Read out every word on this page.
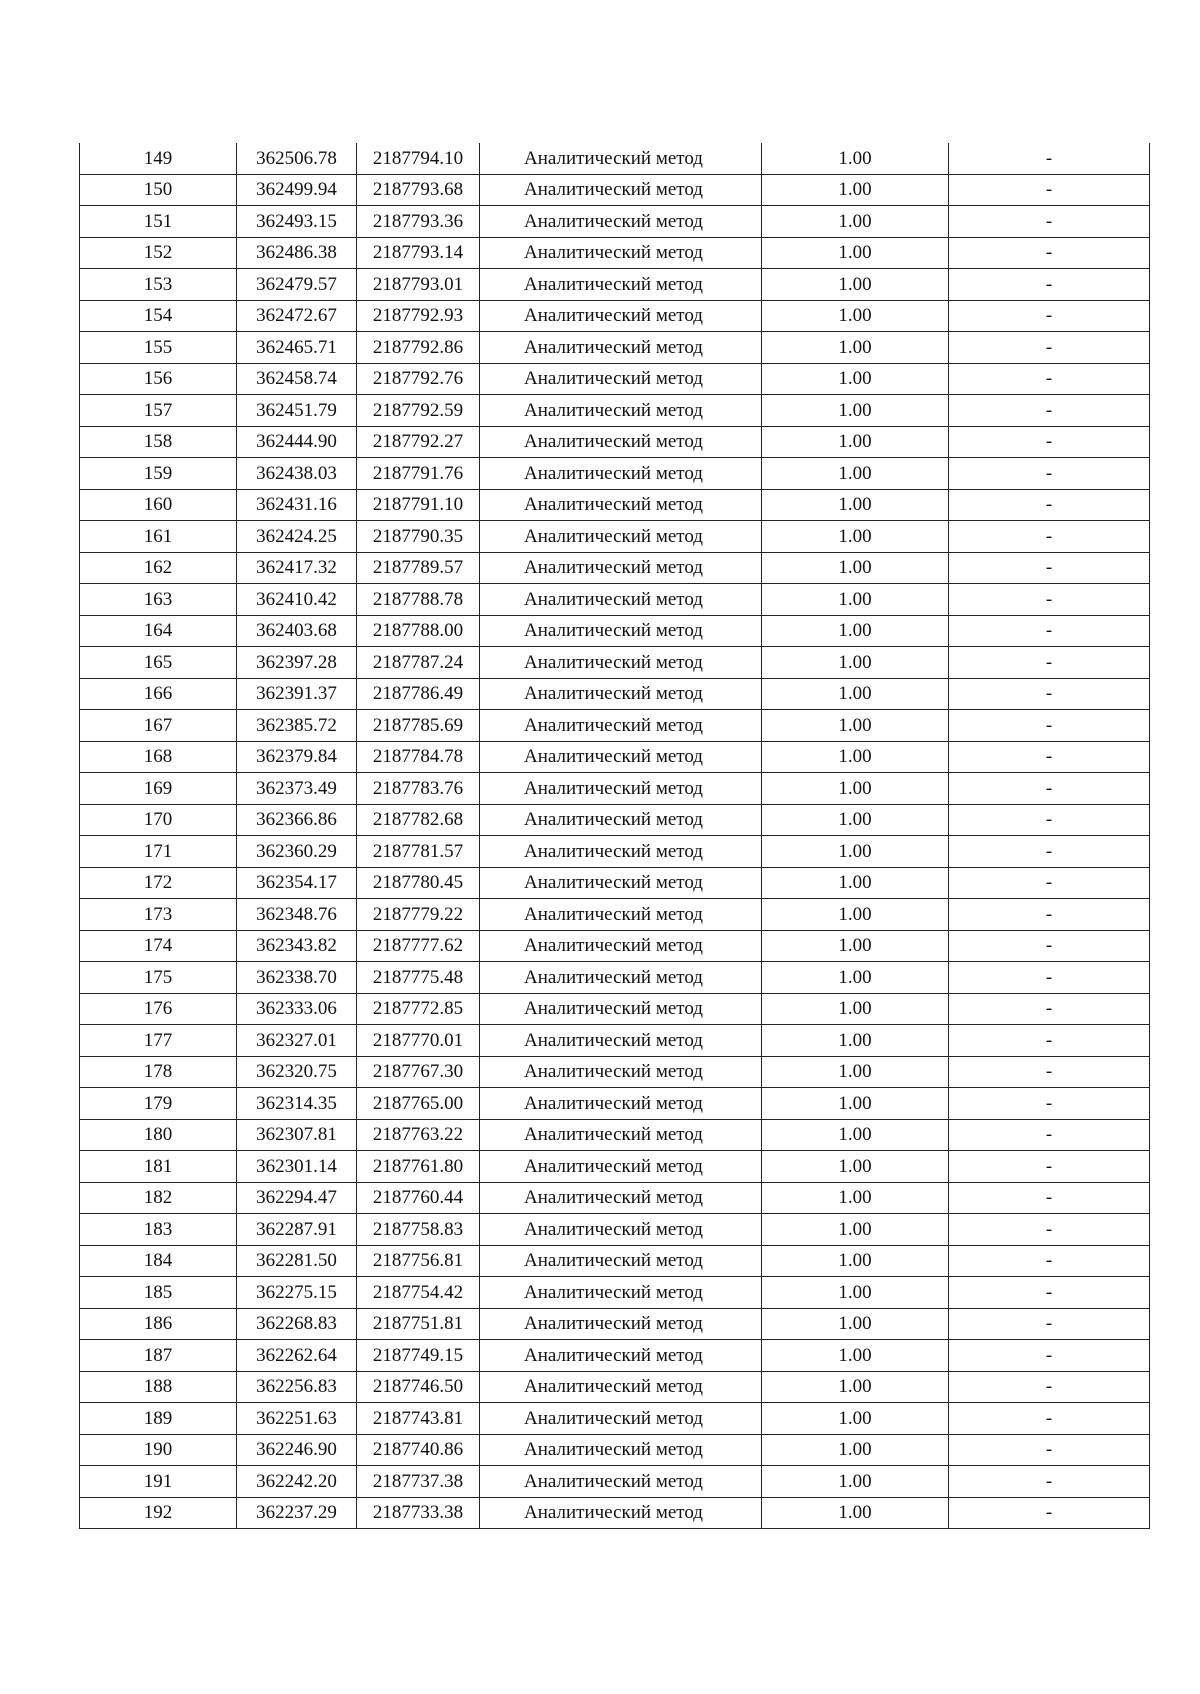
149	362506.78	2187794.10	Аналитический метод	1.00	-
150	362499.94	2187793.68	Аналитический метод	1.00	-
151	362493.15	2187793.36	Аналитический метод	1.00	-
152	362486.38	2187793.14	Аналитический метод	1.00	-
153	362479.57	2187793.01	Аналитический метод	1.00	-
154	362472.67	2187792.93	Аналитический метод	1.00	-
155	362465.71	2187792.86	Аналитический метод	1.00	-
156	362458.74	2187792.76	Аналитический метод	1.00	-
157	362451.79	2187792.59	Аналитический метод	1.00	-
158	362444.90	2187792.27	Аналитический метод	1.00	-
159	362438.03	2187791.76	Аналитический метод	1.00	-
160	362431.16	2187791.10	Аналитический метод	1.00	-
161	362424.25	2187790.35	Аналитический метод	1.00	-
162	362417.32	2187789.57	Аналитический метод	1.00	-
163	362410.42	2187788.78	Аналитический метод	1.00	-
164	362403.68	2187788.00	Аналитический метод	1.00	-
165	362397.28	2187787.24	Аналитический метод	1.00	-
166	362391.37	2187786.49	Аналитический метод	1.00	-
167	362385.72	2187785.69	Аналитический метод	1.00	-
168	362379.84	2187784.78	Аналитический метод	1.00	-
169	362373.49	2187783.76	Аналитический метод	1.00	-
170	362366.86	2187782.68	Аналитический метод	1.00	-
171	362360.29	2187781.57	Аналитический метод	1.00	-
172	362354.17	2187780.45	Аналитический метод	1.00	-
173	362348.76	2187779.22	Аналитический метод	1.00	-
174	362343.82	2187777.62	Аналитический метод	1.00	-
175	362338.70	2187775.48	Аналитический метод	1.00	-
176	362333.06	2187772.85	Аналитический метод	1.00	-
177	362327.01	2187770.01	Аналитический метод	1.00	-
178	362320.75	2187767.30	Аналитический метод	1.00	-
179	362314.35	2187765.00	Аналитический метод	1.00	-
180	362307.81	2187763.22	Аналитический метод	1.00	-
181	362301.14	2187761.80	Аналитический метод	1.00	-
182	362294.47	2187760.44	Аналитический метод	1.00	-
183	362287.91	2187758.83	Аналитический метод	1.00	-
184	362281.50	2187756.81	Аналитический метод	1.00	-
185	362275.15	2187754.42	Аналитический метод	1.00	-
186	362268.83	2187751.81	Аналитический метод	1.00	-
187	362262.64	2187749.15	Аналитический метод	1.00	-
188	362256.83	2187746.50	Аналитический метод	1.00	-
189	362251.63	2187743.81	Аналитический метод	1.00	-
190	362246.90	2187740.86	Аналитический метод	1.00	-
191	362242.20	2187737.38	Аналитический метод	1.00	-
192	362237.29	2187733.38	Аналитический метод	1.00	-
